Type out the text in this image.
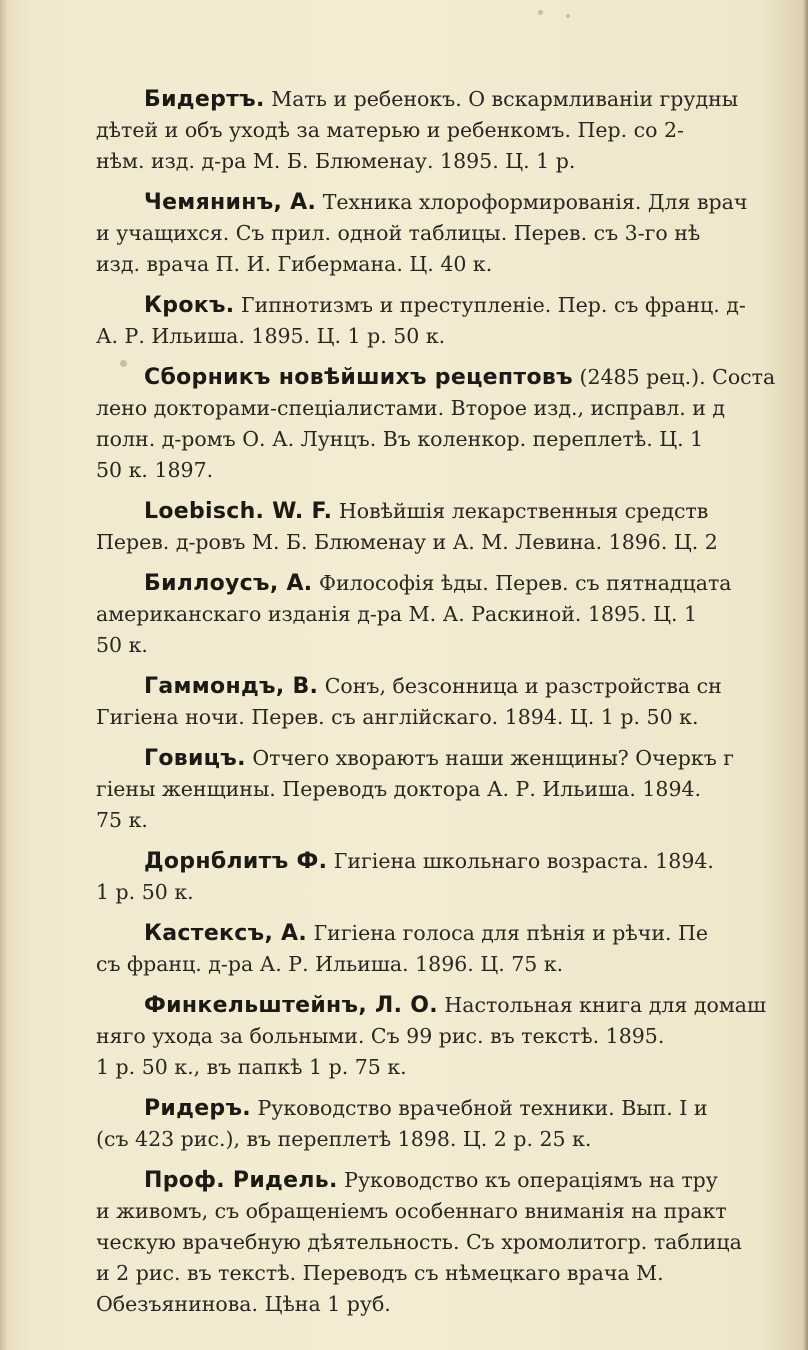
Бидертъ. Мать и ребенокъ. О вскармливаніи грудны
дѣтей и объ уходѣ за матерью и ребенкомъ. Пер. со 2-
нѣм. изд. д-ра М. Б. Блюменау. 1895. Ц. 1 р.
Чемянинъ, А. Техника хлороформированія. Для врач
и учащихся. Съ прил. одной таблицы. Перев. съ 3-го нѣ
изд. врача П. И. Гибермана. Ц. 40 к.
Крокъ. Гипнотизмъ и преступленіе. Пер. съ франц. д-
А. Р. Ильиша. 1895. Ц. 1 р. 50 к.
Сборникъ новѣйшихъ рецептовъ (2485 рец.). Соста
лено докторами-спеціалистами. Второе изд., исправл. и д
полн. д-ромъ О. А. Лунцъ. Въ коленкор. переплетѣ. Ц. 1
50 к. 1897.
Loebisch. W. F. Новѣйшія лекарственныя средств
Перев. д-ровъ М. Б. Блюменау и А. М. Левина. 1896. Ц. 2
Биллоусъ, А. Философія ѣды. Перев. съ пятнадцата
американскаго изданія д-ра М. А. Раскиной. 1895. Ц. 1
50 к.
Гаммондъ, В. Сонъ, безсонница и разстройства сн
Гигіена ночи. Перев. съ англійскаго. 1894. Ц. 1 р. 50 к.
Говицъ. Отчего хвораютъ наши женщины? Очеркъ г
гіены женщины. Переводъ доктора А. Р. Ильиша. 1894.
75 к.
Дорнблитъ Ф. Гигіена школьнаго возраста. 1894.
1 р. 50 к.
Кастексъ, А. Гигіена голоса для пѣнія и рѣчи. Пе
съ франц. д-ра А. Р. Ильиша. 1896. Ц. 75 к.
Финкельштейнъ, Л. О. Настольная книга для домаш
няго ухода за больными. Съ 99 рис. въ текстѣ. 1895.
1 р. 50 к., въ папкѣ 1 р. 75 к.
Ридеръ. Руководство врачебной техники. Вып. I и
(съ 423 рис.), въ переплетѣ 1898. Ц. 2 р. 25 к.
Проф. Ридель. Руководство къ операціямъ на тру
и живомъ, съ обращеніемъ особеннаго вниманія на практ
ческую врачебную дѣятельность. Съ хромолитогр. таблица
и 2 рис. въ текстѣ. Переводъ съ нѣмецкаго врача М.
Обезъянинова. Цѣна 1 руб.
